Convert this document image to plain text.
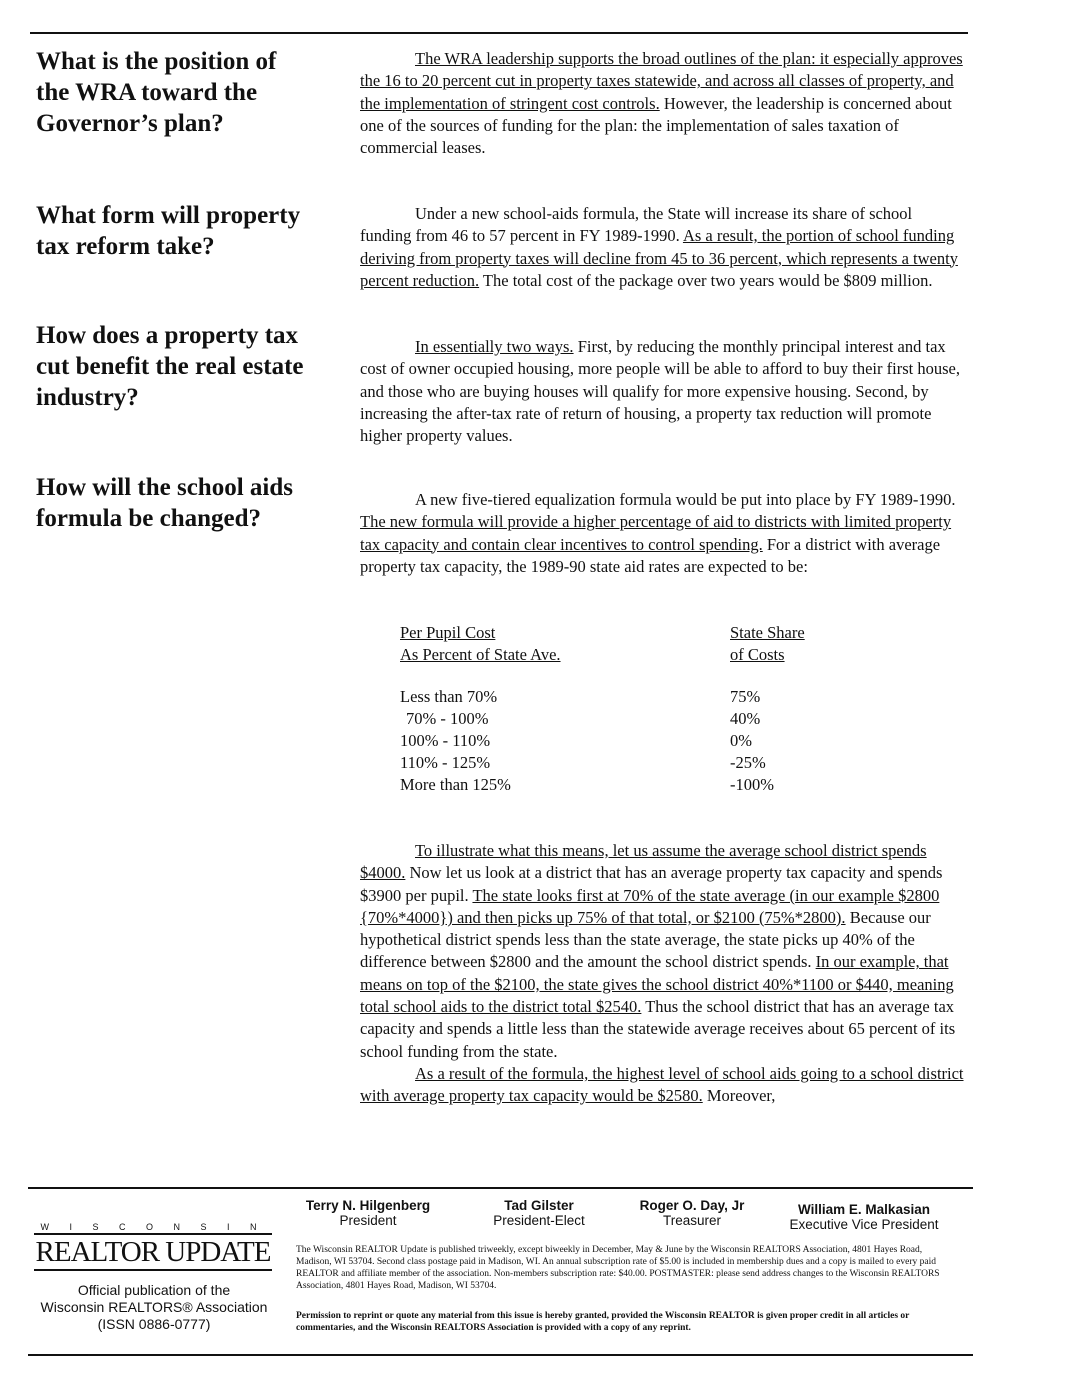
What is the position of the WRA toward the Governor’s plan?
What form will property tax reform take?
How does a property tax cut benefit the real estate industry?
How will the school aids formula be changed?

The WRA leadership supports the broad outlines of the plan: it especially approves the 16 to 20 percent cut in property taxes statewide, and across all classes of property, and the implementation of stringent cost controls. However, the leadership is concerned about one of the sources of funding for the plan: the implementation of sales taxation of commercial leases.

Under a new school-aids formula, the State will increase its share of school funding from 46 to 57 percent in FY 1989-1990. As a result, the portion of school funding deriving from property taxes will decline from 45 to 36 percent, which represents a twenty percent reduction. The total cost of the package over two years would be $809 million.

In essentially two ways. First, by reducing the monthly principal interest and tax cost of owner occupied housing, more people will be able to afford to buy their first house, and those who are buying houses will qualify for more expensive housing. Second, by increasing the after-tax rate of return of housing, a property tax reduction will promote higher property values.

A new five-tiered equalization formula would be put into place by FY 1989-1990. The new formula will provide a higher percentage of aid to districts with limited property tax capacity and contain clear incentives to control spending. For a district with average property tax capacity, the 1989-90 state aid rates are expected to be:

	Per Pupil Cost	State Share
	As Percent of State Ave.	of Costs

	Less than 70%	75%
	70% - 100%	40%
	100% - 110%	0%
	110% - 125%	-25%
	More than 125%	-100%

To illustrate what this means, let us assume the average school district spends $4000. Now let us look at a district that has an average property tax capacity and spends $3900 per pupil. The state looks first at 70% of the state average (in our example $2800 {70%*4000}) and then picks up 75% of that total, or $2100 (75%*2800). Because our hypothetical district spends less than the state average, the state picks up 40% of the difference between $2800 and the amount the school district spends. In our example, that means on top of the $2100, the state gives the school district 40%*1100 or $440, meaning total school aids to the district total $2540. Thus the school district that has an average tax capacity and spends a little less than the statewide average receives about 65 percent of its school funding from the state.

As a result of the formula, the highest level of school aids going to a school district with average property tax capacity would be $2580. Moreover,

W I S C O N S I N
REALTOR UPDATE
Official publication of the
Wisconsin REALTORS® Association
(ISSN 0886-0777)
Terry N. Hilgenberg
President
Tad Gilster
President-Elect
Roger O. Day, Jr
Treasurer
William E. Malkasian
Executive Vice President
The Wisconsin REALTOR Update is published triweekly, except biweekly in December, May & June by the Wisconsin REALTORS Association, 4801 Hayes Road, Madison, WI 53704. Second class postage paid in Madison, WI. An annual subscription rate of $5.00 is included in membership dues and a copy is mailed to every paid REALTOR and affiliate member of the association. Non-members subscription rate: $40.00. POSTMASTER: please send address changes to the Wisconsin REALTORS Association, 4801 Hayes Road, Madison, WI 53704.
Permission to reprint or quote any material from this issue is hereby granted, provided the Wisconsin REALTOR is given proper credit in all articles or commentaries, and the Wisconsin REALTORS Association is provided with a copy of any reprint.
